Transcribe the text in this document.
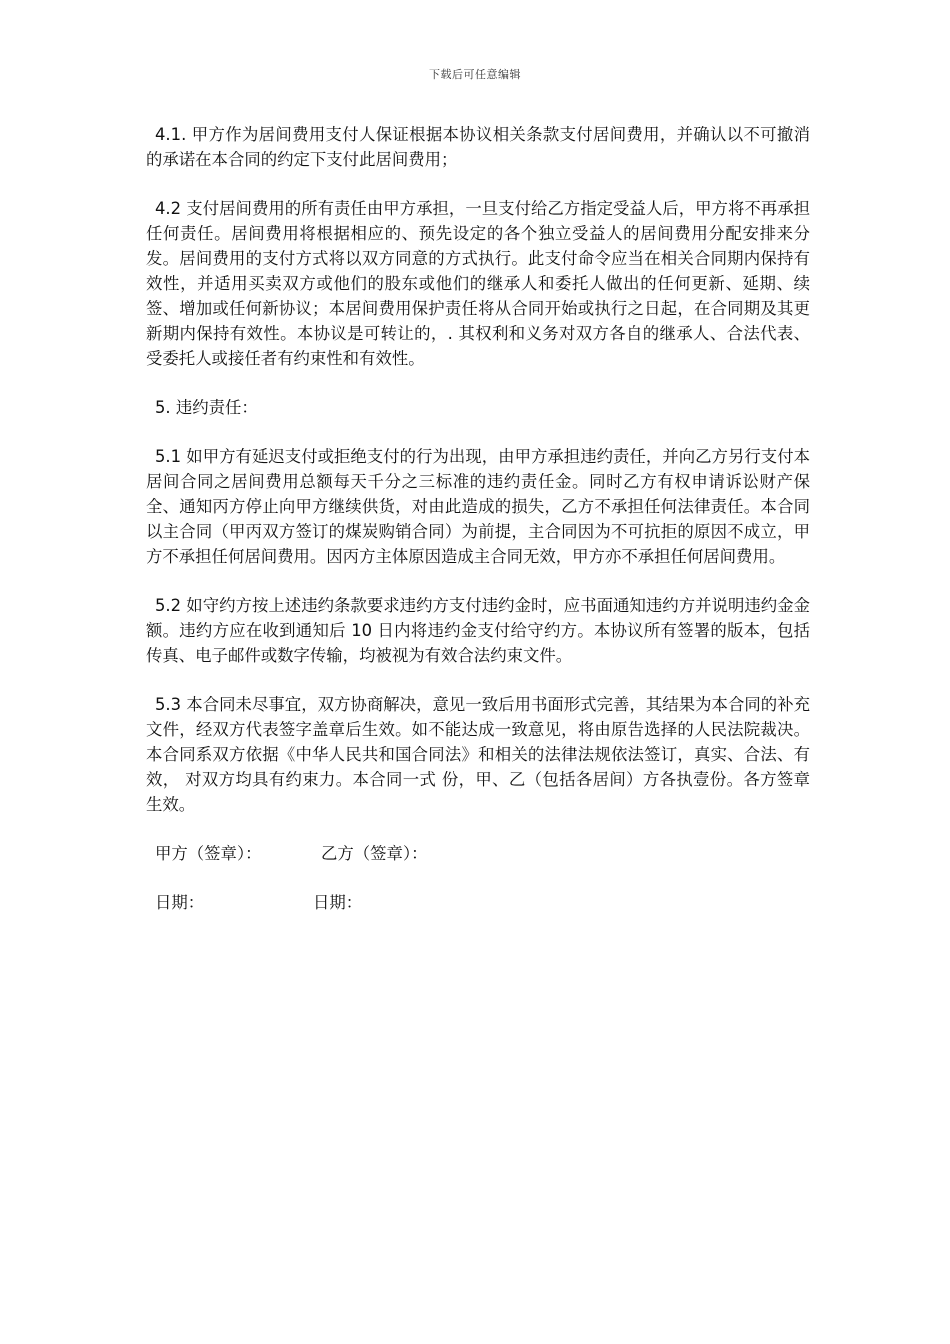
下载后可任意编辑

4.1. 甲方作为居间费用支付人保证根据本协议相关条款支付居间费用，并确认以不可撤消的承诺在本合同的约定下支付此居间费用；

4.2 支付居间费用的所有责任由甲方承担，一旦支付给乙方指定受益人后，甲方将不再承担任何责任。居间费用将根据相应的、预先设定的各个独立受益人的居间费用分配安排来分发。居间费用的支付方式将以双方同意的方式执行。此支付命令应当在相关合同期内保持有效性，并适用买卖双方或他们的股东或他们的继承人和委托人做出的任何更新、延期、续签、增加或任何新协议；本居间费用保护责任将从合同开始或执行之日起，在合同期及其更新期内保持有效性。本协议是可转让的，. 其权利和义务对双方各自的继承人、合法代表、受委托人或接任者有约束性和有效性。

5. 违约责任：

5.1 如甲方有延迟支付或拒绝支付的行为出现，由甲方承担违约责任，并向乙方另行支付本居间合同之居间费用总额每天千分之三标准的违约责任金。同时乙方有权申请诉讼财产保全、通知丙方停止向甲方继续供货，对由此造成的损失，乙方不承担任何法律责任。本合同以主合同（甲丙双方签订的煤炭购销合同）为前提，主合同因为不可抗拒的原因不成立，甲方不承担任何居间费用。因丙方主体原因造成主合同无效，甲方亦不承担任何居间费用。

5.2 如守约方按上述违约条款要求违约方支付违约金时，应书面通知违约方并说明违约金金额。违约方应在收到通知后 10 日内将违约金支付给守约方。本协议所有签署的版本，包括传真、电子邮件或数字传输，均被视为有效合法约束文件。

5.3 本合同未尽事宜，双方协商解决，意见一致后用书面形式完善，其结果为本合同的补充文件，经双方代表签字盖章后生效。如不能达成一致意见，将由原告选择的人民法院裁决。本合同系双方依据《中华人民共和国合同法》和相关的法律法规依法签订，真实、合法、有效， 对双方均具有约束力。本合同一式 份，甲、乙（包括各居间）方各执壹份。各方签章生效。

甲方（签章）：	乙方（签章）：
日期：	日期：
